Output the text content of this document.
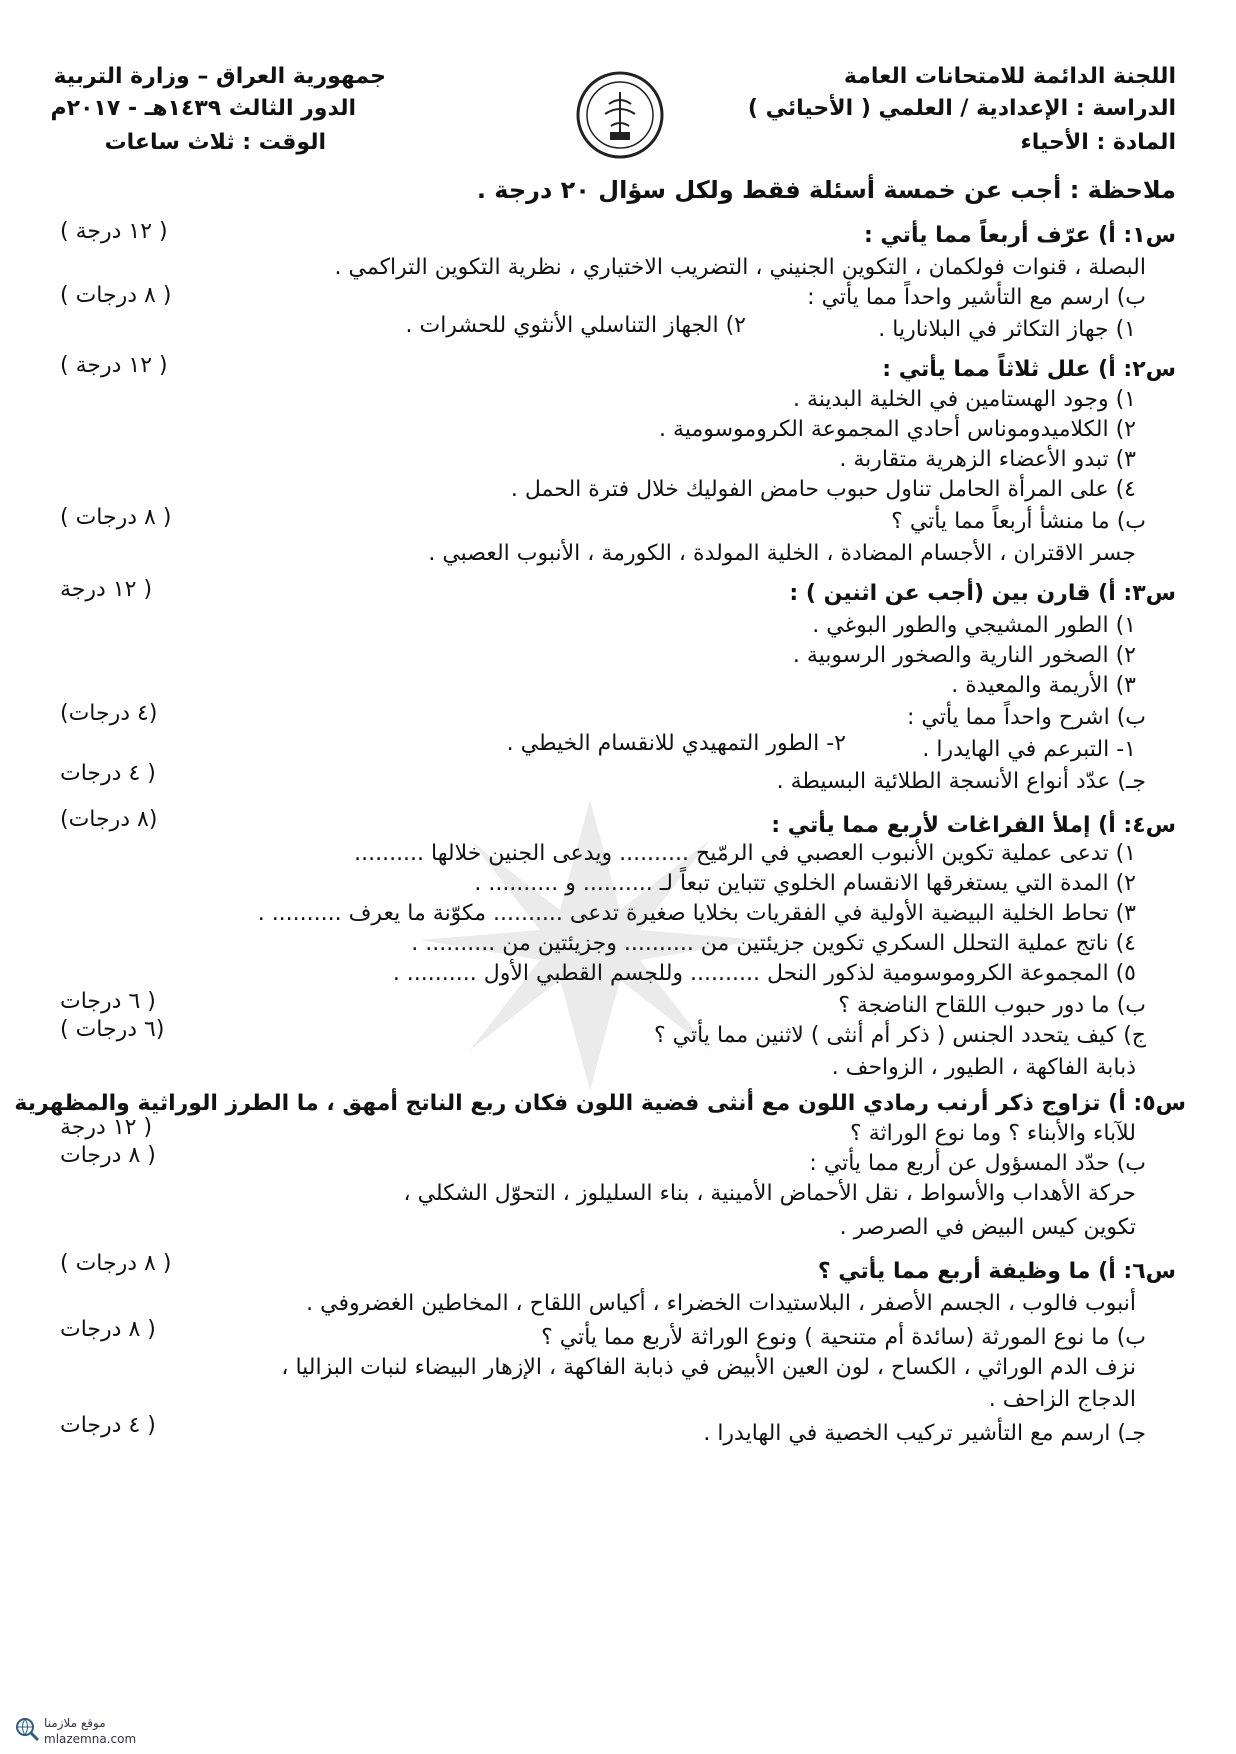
اللجنة الدائمة للامتحانات العامة
الدراسة : الإعدادية / العلمي ( الأحيائي )
المادة : الأحياء
جمهورية العراق – وزارة التربية
الدور الثالث ١٤٣٩هـ - ٢٠١٧م
الوقت : ثلاث ساعات
ملاحظة : أجب عن خمسة أسئلة فقط ولكل سؤال ٢٠ درجة .
س١: أ) عرّف أربعاً مما يأتي :
( ١٢ درجة )
البصلة ، قنوات فولكمان ، التكوين الجنيني ، التضريب الاختياري ، نظرية التكوين التراكمي .
ب) ارسم مع التأشير واحداً مما يأتي :
( ٨ درجات )
١) جهاز التكاثر في البلاناريا .
٢) الجهاز التناسلي الأنثوي للحشرات .
س٢: أ) علل ثلاثاً مما يأتي :
( ١٢ درجة )
١) وجود الهستامين في الخلية البدينة .
٢) الكلاميدوموناس أحادي المجموعة الكروموسومية .
٣) تبدو الأعضاء الزهرية متقاربة .
٤) على المرأة الحامل تناول حبوب حامض الفوليك خلال فترة الحمل .
ب) ما منشأ أربعاً مما يأتي ؟
( ٨ درجات )
جسر الاقتران ، الأجسام المضادة ، الخلية المولدة ، الكورمة ، الأنبوب العصبي .
س٣: أ) قارن بين (أجب عن اثنين ) :
( ١٢ درجة
١) الطور المشيجي والطور البوغي .
٢) الصخور النارية والصخور الرسوبية .
٣) الأريمة والمعيدة .
ب) اشرح واحداً مما يأتي :
(٤ درجات)
١- التبرعم في الهايدرا .
٢- الطور التمهيدي للانقسام الخيطي .
جـ) عدّد أنواع الأنسجة الطلائية البسيطة .
( ٤ درجات
س٤: أ) إملأ الفراغات لأربع مما يأتي :
(٨ درجات)
١) تدعى عملية تكوين الأنبوب العصبي في الرمّيح .......... ويدعى الجنين خلالها ..........
٢) المدة التي يستغرقها الانقسام الخلوي تتباين تبعاً لـ .......... و .......... .
٣) تحاط الخلية البيضية الأولية في الفقريات بخلايا صغيرة تدعى .......... مكوّنة ما يعرف .......... .
٤) ناتج عملية التحلل السكري تكوين جزيئتين من .......... وجزيئتين من .......... .
٥) المجموعة الكروموسومية لذكور النحل .......... وللجسم القطبي الأول .......... .
ب) ما دور حبوب اللقاح الناضجة ؟
( ٦ درجات
ج) كيف يتحدد الجنس ( ذكر أم أنثى ) لاثنين مما يأتي ؟
(٦ درجات )
ذبابة الفاكهة ، الطيور ، الزواحف .
س٥: أ) تزاوج ذكر أرنب رمادي اللون مع أنثى فضية اللون فكان ربع الناتج أمهق ، ما الطرز الوراثية والمظهرية
للآباء والأبناء ؟ وما نوع الوراثة ؟
( ١٢ درجة
ب) حدّد المسؤول عن أربع مما يأتي :
( ٨ درجات
حركة الأهداب والأسواط ، نقل الأحماض الأمينية ، بناء السليلوز ، التحوّل الشكلي ،
تكوين كيس البيض في الصرصر .
س٦: أ) ما وظيفة أربع مما يأتي ؟
( ٨ درجات )
أنبوب فالوب ، الجسم الأصفر ، البلاستيدات الخضراء ، أكياس اللقاح ، المخاطين الغضروفي .
ب) ما نوع المورثة (سائدة أم متنحية ) ونوع الوراثة لأربع مما يأتي ؟
( ٨ درجات
نزف الدم الوراثي ، الكساح ، لون العين الأبيض في ذبابة الفاكهة ، الإزهار البيضاء لنبات البزاليا ،
الدجاج الزاحف .
جـ) ارسم مع التأشير تركيب الخصية في الهايدرا .
( ٤ درجات
موقع ملازمنا
mlazemna.com
